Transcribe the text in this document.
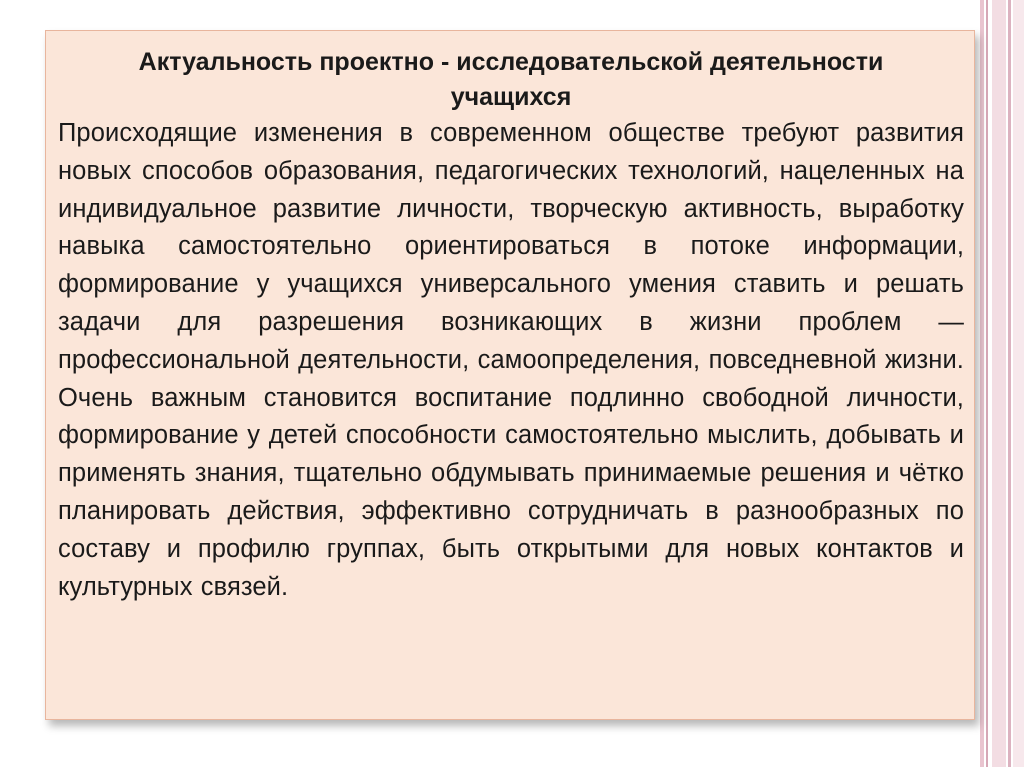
Актуальность проектно - исследовательской деятельности учащихся

Происходящие изменения в современном обществе требуют развития новых способов образования, педагогических технологий, нацеленных на индивидуальное развитие личности, творческую активность, выработку навыка самостоятельно ориентироваться в потоке информации, формирование у учащихся универсального умения ставить и решать задачи для разрешения возникающих в жизни проблем — профессиональной деятельности, самоопределения, повседневной жизни. Очень важным становится воспитание подлинно свободной личности, формирование у детей способности самостоятельно мыслить, добывать и применять знания, тщательно обдумывать принимаемые решения и чётко планировать действия, эффективно сотрудничать в разнообразных по составу и профилю группах, быть открытыми для новых контактов и культурных связей.
